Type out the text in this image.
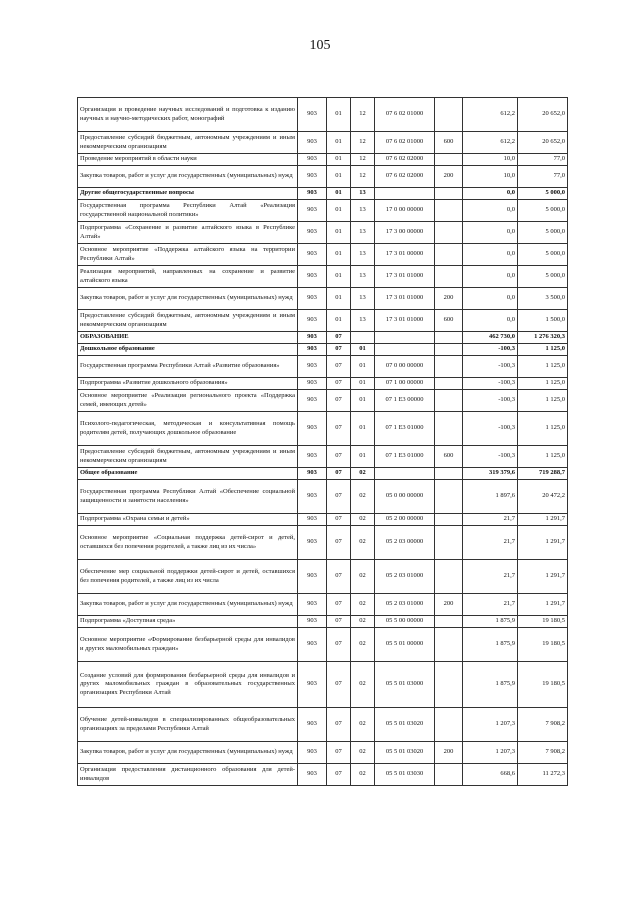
105
Организация и проведение научных исследований и подготовка к изданию научных и научно-методических работ, монографий	903	01	12	07 6 02 01000		612,2	20 652,0
Предоставление субсидий бюджетным, автономным учреждениям и иным некоммерческим организациям	903	01	12	07 6 02 01000	600	612,2	20 652,0
Проведение мероприятий в области науки	903	01	12	07 6 02 02000		10,0	77,0
Закупка товаров, работ и услуг для государственных (муниципальных) нужд	903	01	12	07 6 02 02000	200	10,0	77,0
Другие общегосударственные вопросы	903	01	13			0,0	5 000,0
Государственная программа Республики Алтай «Реализация государственной национальной политики»	903	01	13	17 0 00 00000		0,0	5 000,0
Подпрограмма «Сохранение и развитие алтайского языка в Республике Алтай»	903	01	13	17 3 00 00000		0,0	5 000,0
Основное мероприятие «Поддержка алтайского языка на территории Республики Алтай»	903	01	13	17 3 01 00000		0,0	5 000,0
Реализация мероприятий, направленных на сохранение и развитие алтайского языка	903	01	13	17 3 01 01000		0,0	5 000,0
Закупка товаров, работ и услуг для государственных (муниципальных) нужд	903	01	13	17 3 01 01000	200	0,0	3 500,0
Предоставление субсидий бюджетным, автономным учреждениям и иным некоммерческим организациям	903	01	13	17 3 01 01000	600	0,0	1 500,0
ОБРАЗОВАНИЕ	903	07				462 730,0	1 276 320,3
Дошкольное образование	903	07	01			-100,3	1 125,0
Государственная программа Республики Алтай «Развитие образования»	903	07	01	07 0 00 00000		-100,3	1 125,0
Подпрограмма «Развитие дошкольного образования»	903	07	01	07 1 00 00000		-100,3	1 125,0
Основное мероприятие «Реализация регионального проекта «Поддержка семей, имеющих детей»	903	07	01	07 1 E3 00000		-100,3	1 125,0
Психолого-педагогическая, методическая и консультативная помощь родителям детей, получающих дошкольное образование	903	07	01	07 1 E3 01000		-100,3	1 125,0
Предоставление субсидий бюджетным, автономным учреждениям и иным некоммерческим организациям	903	07	01	07 1 E3 01000	600	-100,3	1 125,0
Общее образование	903	07	02			319 379,6	719 288,7
Государственная программа Республики Алтай «Обеспечение социальной защищенности и занятости населения»	903	07	02	05 0 00 00000		1 897,6	20 472,2
Подпрограмма «Охрана семьи и детей»	903	07	02	05 2 00 00000		21,7	1 291,7
Основное мероприятие «Социальная поддержка детей-сирот и детей, оставшихся без попечения родителей, а также лиц из их числа»	903	07	02	05 2 03 00000		21,7	1 291,7
Обеспечение мер социальной поддержки детей-сирот и детей, оставшихся без попечения родителей, а также лиц из их числа	903	07	02	05 2 03 01000		21,7	1 291,7
Закупка товаров, работ и услуг для государственных (муниципальных) нужд	903	07	02	05 2 03 01000	200	21,7	1 291,7
Подпрограмма «Доступная среда»	903	07	02	05 5 00 00000		1 875,9	19 180,5
Основное мероприятие «Формирование безбарьерной среды для инвалидов и других маломобильных граждан»	903	07	02	05 5 01 00000		1 875,9	19 180,5
Создание условий для формирования безбарьерной среды для инвалидов и других маломобильных граждан в образовательных государственных организациях Республики Алтай	903	07	02	05 5 01 03000		1 875,9	19 180,5
Обучение детей-инвалидов в специализированных общеобразовательных организациях за пределами Республики Алтай	903	07	02	05 5 01 03020		1 207,3	7 908,2
Закупка товаров, работ и услуг для государственных (муниципальных) нужд	903	07	02	05 5 01 03020	200	1 207,3	7 908,2
Организация предоставления дистанционного образования для детей-инвалидов	903	07	02	05 5 01 03030		668,6	11 272,3
